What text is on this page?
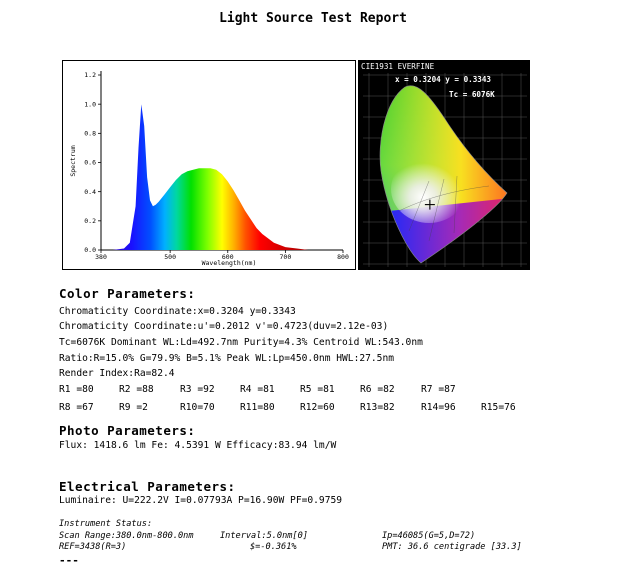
Light Source Test Report
0.0
0.2
0.4
0.6
0.8
1.0
1.2
380	500	600	700	800
Wavelength(nm)
Spectrum
CIE1931 EVERFINE
x = 0.3204 y = 0.3343
Tc = 6076K
Color Parameters:
Chromaticity Coordinate:x=0.3204 y=0.3343
Chromaticity Coordinate:u'=0.2012 v'=0.4723(duv=2.12e-03)
Tc=6076K Dominant WL:Ld=492.7nm Purity=4.3% Centroid WL:543.0nm
Ratio:R=15.0% G=79.9% B=5.1% Peak WL:Lp=450.0nm HWL:27.5nm
Render Index:Ra=82.4
R1 =80	R2 =88	R3 =92	R4 =81	R5 =81	R6 =82	R7 =87
R8 =67	R9 =2	R10=70	R11=80	R12=60	R13=82	R14=96	R15=76
Photo Parameters:
Flux: 1418.6 lm Fe: 4.5391 W Efficacy:83.94 lm/W
Electrical Parameters:
Luminaire: U=222.2V I=0.07793A P=16.90W PF=0.9759
Instrument Status:
Scan Range:380.0nm-800.0nm	Interval:5.0nm[0]	Ip=46085(G=5,D=72)
REF=3438(R=3)	$=-0.361%	PMT: 36.6 centigrade [33.3]
---
